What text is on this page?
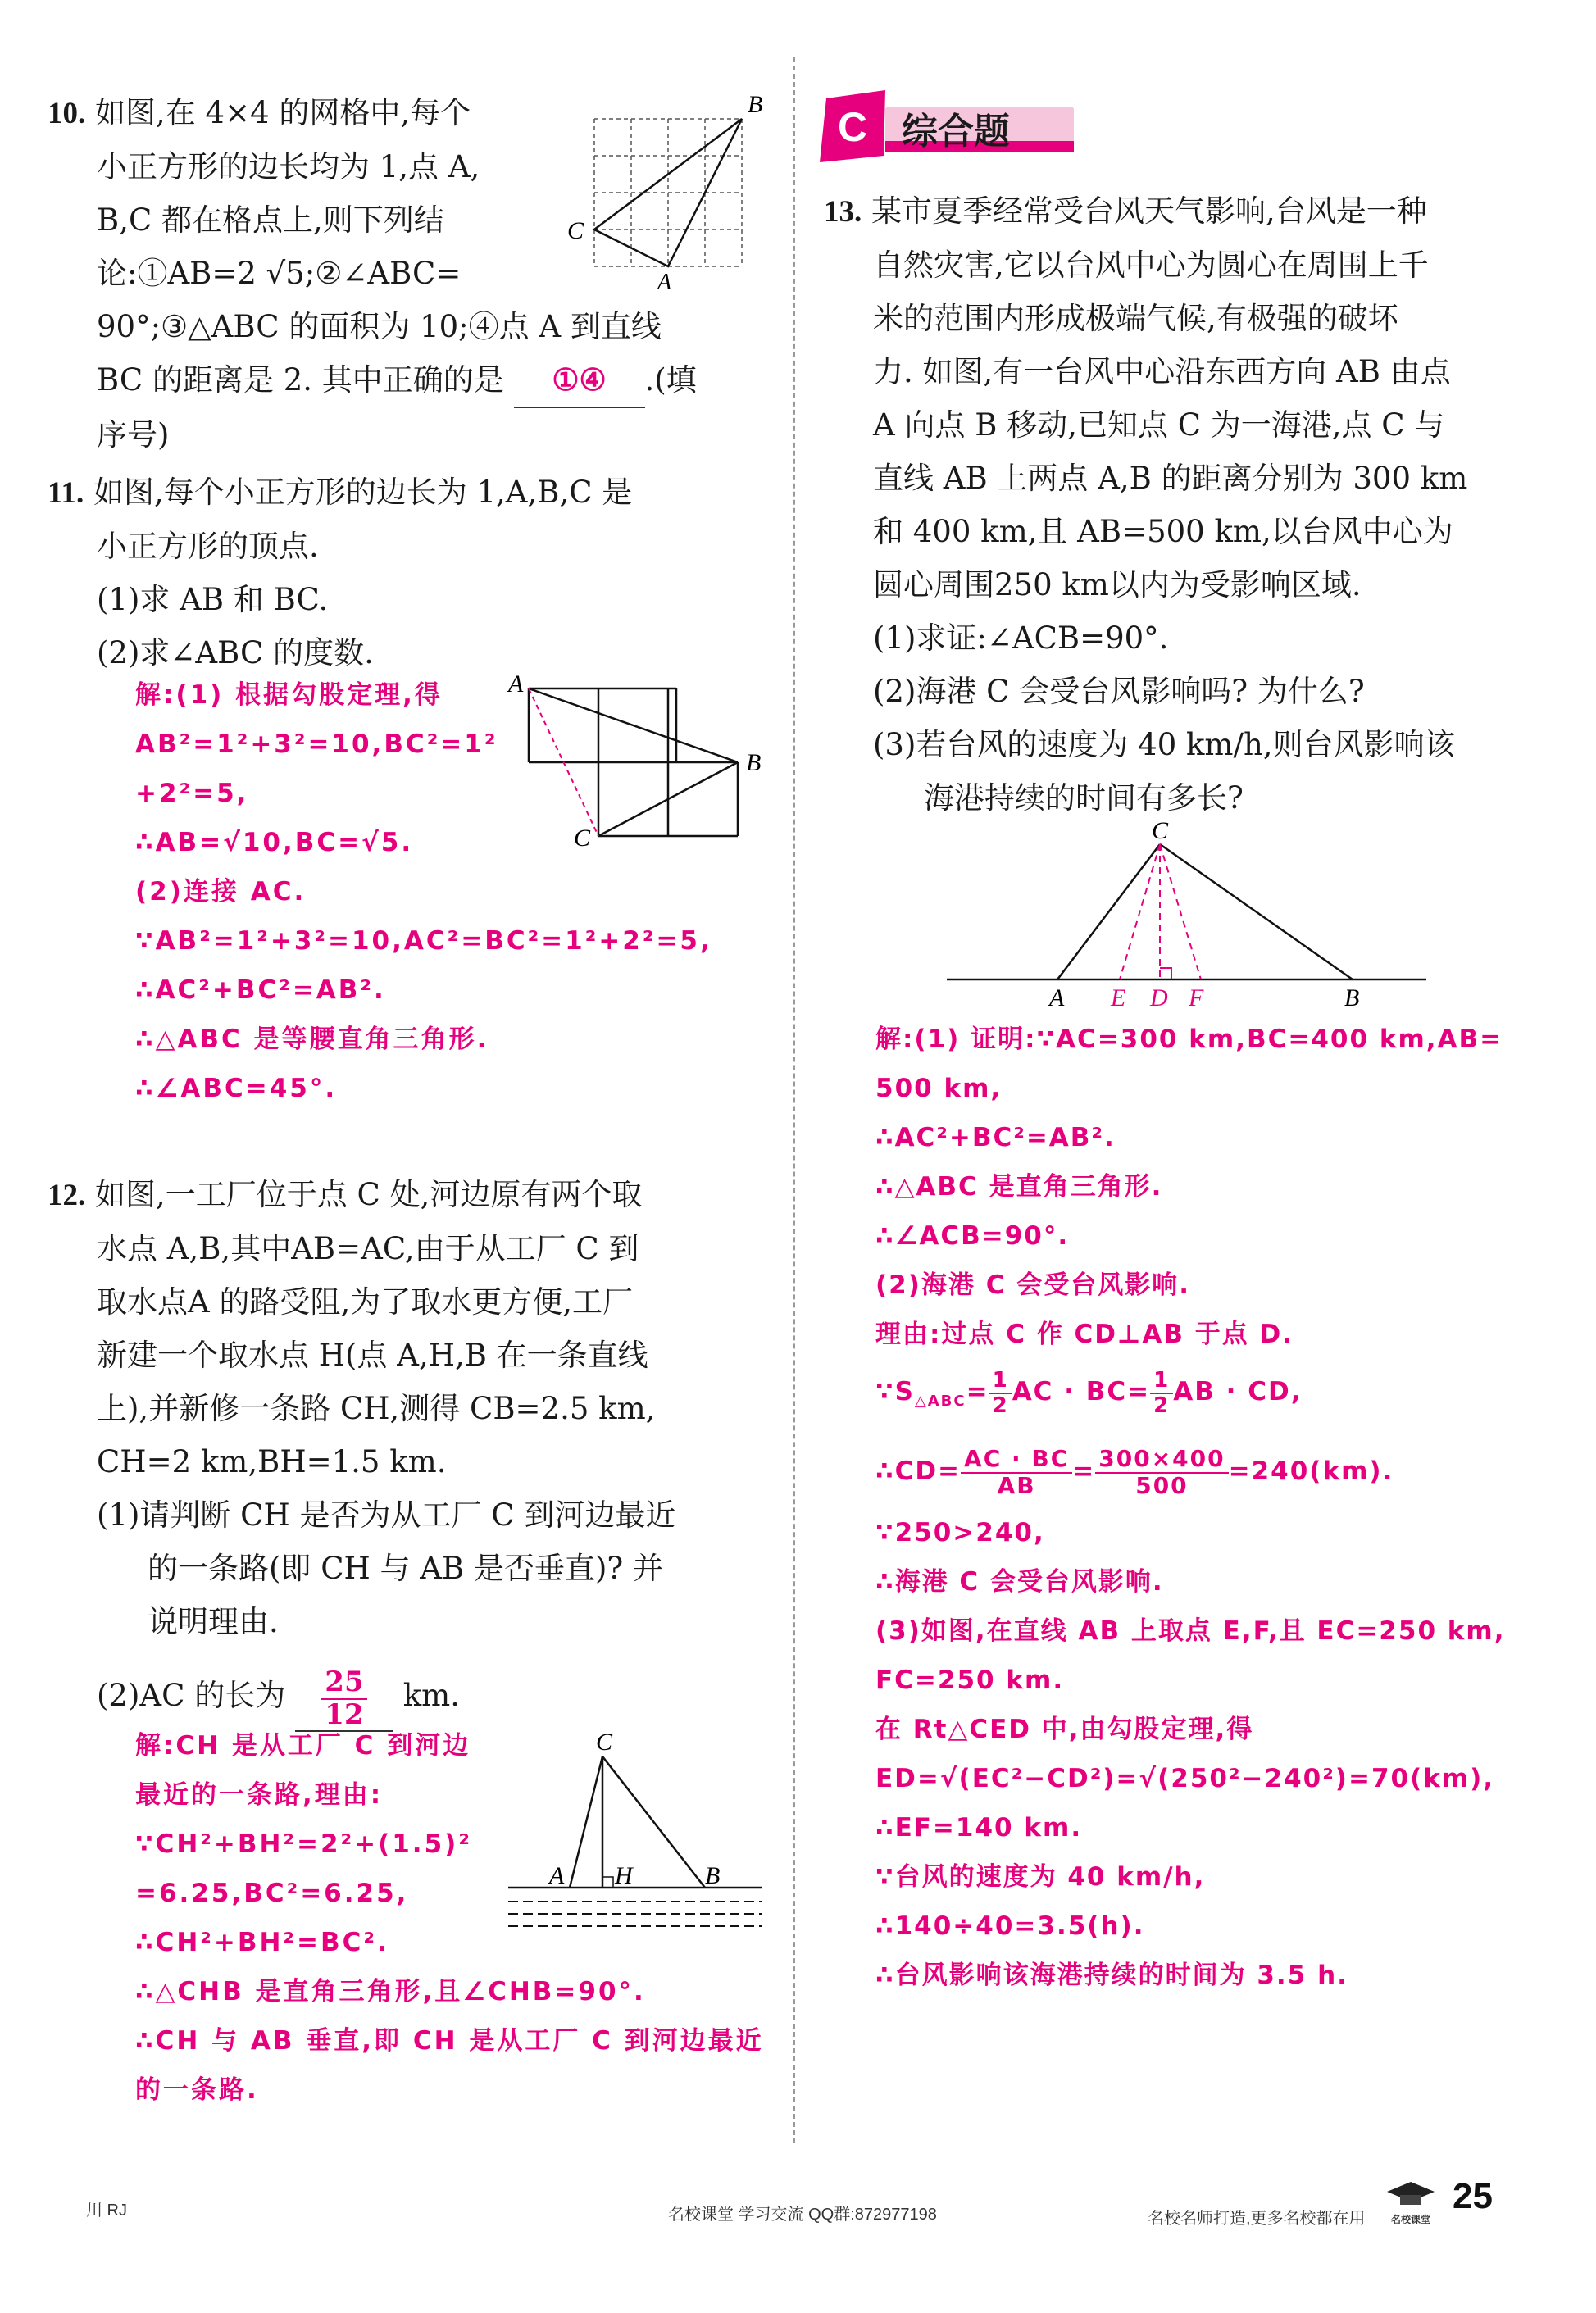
10. 如图,在 4×4 的网格中,每个
小正方形的边长均为 1,点 A,
B,C 都在格点上,则下列结
论:①AB=2 √5;②∠ABC=
90°;③△ABC 的面积为 10;④点 A 到直线
BC 的距离是 2. 其中正确的是 ①④ .(填
序号)
B
C
A
11. 如图,每个小正方形的边长为 1,A,B,C 是
小正方形的顶点.
(1)求 AB 和 BC.
(2)求∠ABC 的度数.
解:(1) 根据勾股定理,得
AB²=1²+3²=10,BC²=1²
+2²=5,
∴AB=√10,BC=√5.
(2)连接 AC.
∵AB²=1²+3²=10,AC²=BC²=1²+2²=5,
∴AC²+BC²=AB².
∴△ABC 是等腰直角三角形.
∴∠ABC=45°.
A
B
C
12. 如图,一工厂位于点 C 处,河边原有两个取
水点 A,B,其中AB=AC,由于从工厂 C 到
取水点A 的路受阻,为了取水更方便,工厂
新建一个取水点 H(点 A,H,B 在一条直线
上),并新修一条路 CH,测得 CB=2.5 km,
CH=2 km,BH=1.5 km.
(1)请判断 CH 是否为从工厂 C 到河边最近
的一条路(即 CH 与 AB 是否垂直)? 并
说明理由.
(2)AC 的长为 $\frac{25}{12}$ km.
解:CH 是从工厂 C 到河边
最近的一条路,理由:
∵CH²+BH²=2²+(1.5)²
=6.25,BC²=6.25,
∴CH²+BH²=BC².
∴△CHB 是直角三角形,且∠CHB=90°.
∴CH 与 AB 垂直,即 CH 是从工厂 C 到河边最近
的一条路.
C
A H	B
C 综合题
13. 某市夏季经常受台风天气影响,台风是一种
自然灾害,它以台风中心为圆心在周围上千
米的范围内形成极端气候,有极强的破坏
力. 如图,有一台风中心沿东西方向 AB 由点
A 向点 B 移动,已知点 C 为一海港,点 C 与
直线 AB 上两点 A,B 的距离分别为 300 km
和 400 km,且 AB=500 km,以台风中心为
圆心周围250 km以内为受影响区域.
(1)求证:∠ACB=90°.
(2)海港 C 会受台风影响吗? 为什么?
(3)若台风的速度为 40 km/h,则台风影响该
海港持续的时间有多长?
C
A E D F	B
解:(1) 证明:∵AC=300 km,BC=400 km,AB=
500 km,
∴AC²+BC²=AB².
∴△ABC 是直角三角形.
∴∠ACB=90°.
(2)海港 C 会受台风影响.
理由:过点 C 作 CD⊥AB 于点 D.
$\because S_{\triangle ABC}= \frac{1}{2}$ AC · $BC= \frac{1}{2}$ AB · CD,
∴CD= $\frac{AC \cdot BC}{AB} = \frac{300\times 400}{500} =240(km)$.
∵250>240,
∴海港 C 会受台风影响.
(3)如图,在直线 AB 上取点 E,F,且 EC=250 km,
FC=250 km.
在 Rt△CED 中,由勾股定理,得
ED=√(EC²−CD²)=√(250²−240²)=70(km),
∴EF=140 km.
∵台风的速度为 40 km/h,
∴140÷40=3.5(h).
∴台风影响该海港持续的时间为 3.5 h.
川 RJ	名校课堂 学习交流 QQ群:872977198	名校名师打造,更多名校都在用	名校课堂
25
